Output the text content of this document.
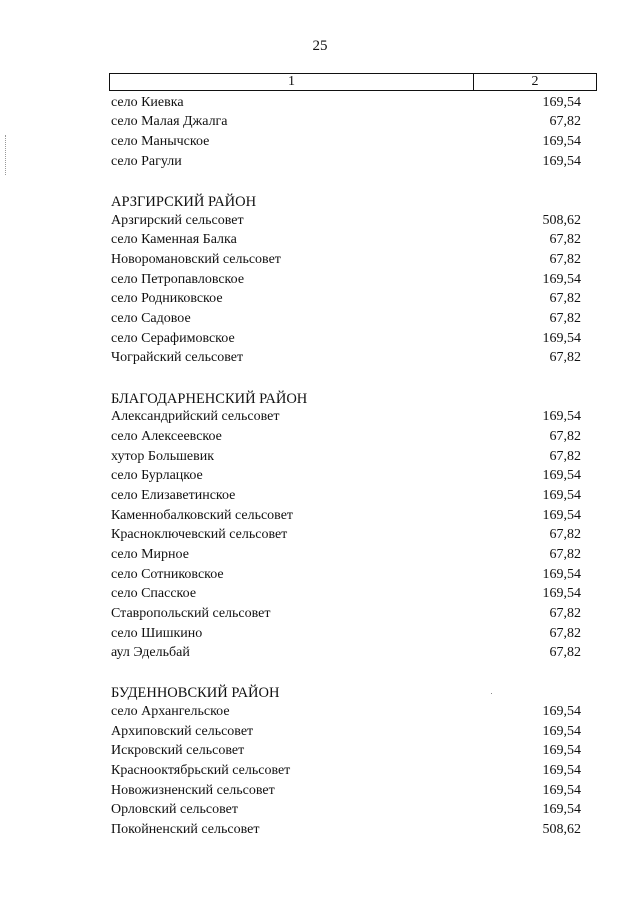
25
1	2
село Киевка	169,54
село Малая Джалга	67,82
село Манычское	169,54
село Рагули	169,54
АРЗГИРСКИЙ РАЙОН
Арзгирский сельсовет	508,62
село Каменная Балка	67,82
Новоромановский сельсовет	67,82
село Петропавловское	169,54
село Родниковское	67,82
село Садовое	67,82
село Серафимовское	169,54
Чограйский сельсовет	67,82
БЛАГОДАРНЕНСКИЙ РАЙОН
Александрийский сельсовет	169,54
село Алексеевское	67,82
хутор Большевик	67,82
село Бурлацкое	169,54
село Елизаветинское	169,54
Каменнобалковский сельсовет	169,54
Красноключевский сельсовет	67,82
село Мирное	67,82
село Сотниковское	169,54
село Спасское	169,54
Ставропольский сельсовет	67,82
село Шишкино	67,82
аул Эдельбай	67,82
БУДЕННОВСКИЙ РАЙОН
село Архангельское	169,54
Архиповский сельсовет	169,54
Искровский сельсовет	169,54
Краснооктябрьский сельсовет	169,54
Новожизненский сельсовет	169,54
Орловский сельсовет	169,54
Покойненский сельсовет	508,62
